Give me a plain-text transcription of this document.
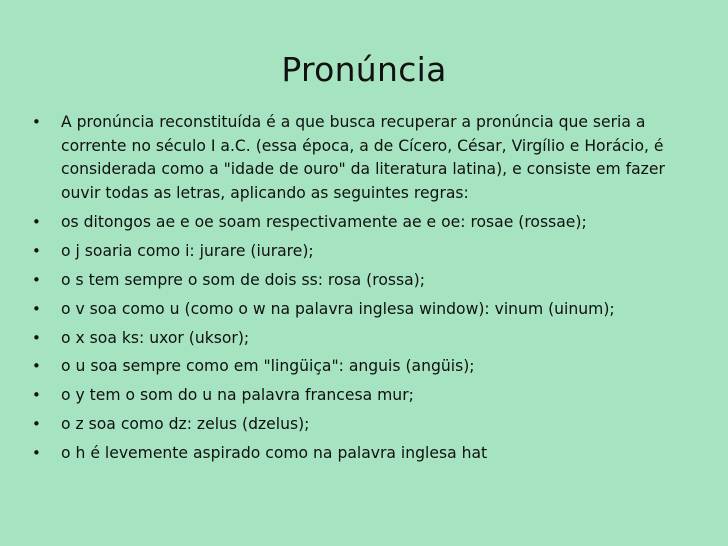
Pronúncia
• A pronúncia reconstituída é a que busca recuperar a pronúncia que seria a corrente no século I a.C. (essa época, a de Cícero, César, Virgílio e Horácio, é considerada como a "idade de ouro" da literatura latina), e consiste em fazer ouvir todas as letras, aplicando as seguintes regras:
• os ditongos ae e oe soam respectivamente ae e oe: rosae (rossae);
• o j soaria como i: jurare (iurare);
• o s tem sempre o som de dois ss: rosa (rossa);
• o v soa como u (como o w na palavra inglesa window): vinum (uinum);
• o x soa ks: uxor (uksor);
• o u soa sempre como em "lingüiça": anguis (angüis);
• o y tem o som do u na palavra francesa mur;
• o z soa como dz: zelus (dzelus);
• o h é levemente aspirado como na palavra inglesa hat
